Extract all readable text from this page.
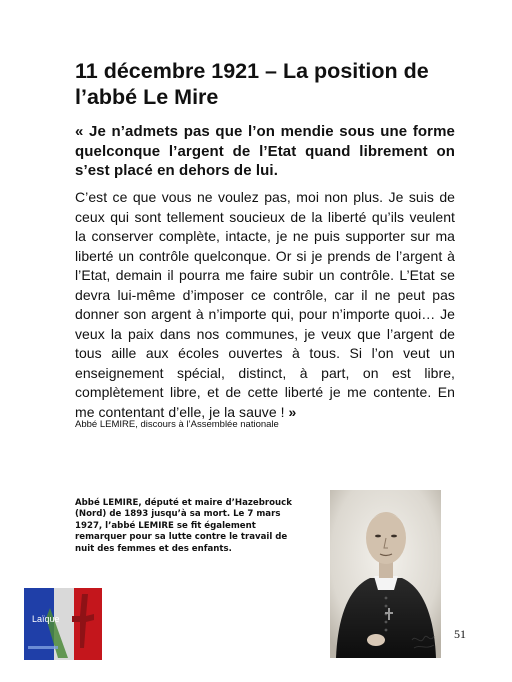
11 décembre 1921 – La position de l’abbé Le Mire
« Je n’admets pas que l’on mendie sous une forme quelconque l’argent de l’Etat quand librement on s’est placé en dehors de lui.
C’est ce que vous ne voulez pas, moi non plus. Je suis de ceux qui sont tellement soucieux de la liberté qu’ils veulent la conserver complète, intacte, je ne puis supporter sur ma liberté un contrôle quelconque. Or si je prends de l’argent à l’Etat, demain il pourra me faire subir un contrôle. L’Etat se devra lui-même d’imposer ce contrôle, car il ne peut pas donner son argent à n’importe qui, pour n’importe quoi… Je veux la paix dans nos communes, je veux que l’argent de tous aille aux écoles ouvertes à tous. Si l’on veut un enseignement spécial, distinct, à part, on est libre, complètement libre, et de cette liberté je me contente. En me contentant d’elle, je la sauve ! »
Abbé LEMIRE, discours à l’Assemblée nationale
Abbé LEMIRE, député et maire d’Hazebrouck (Nord) de 1893 jusqu’à sa mort. Le 7 mars 1927, l’abbé LEMIRE se fit également remarquer pour sa lutte contre le travail de nuit des femmes et des enfants.
Laïque
51
